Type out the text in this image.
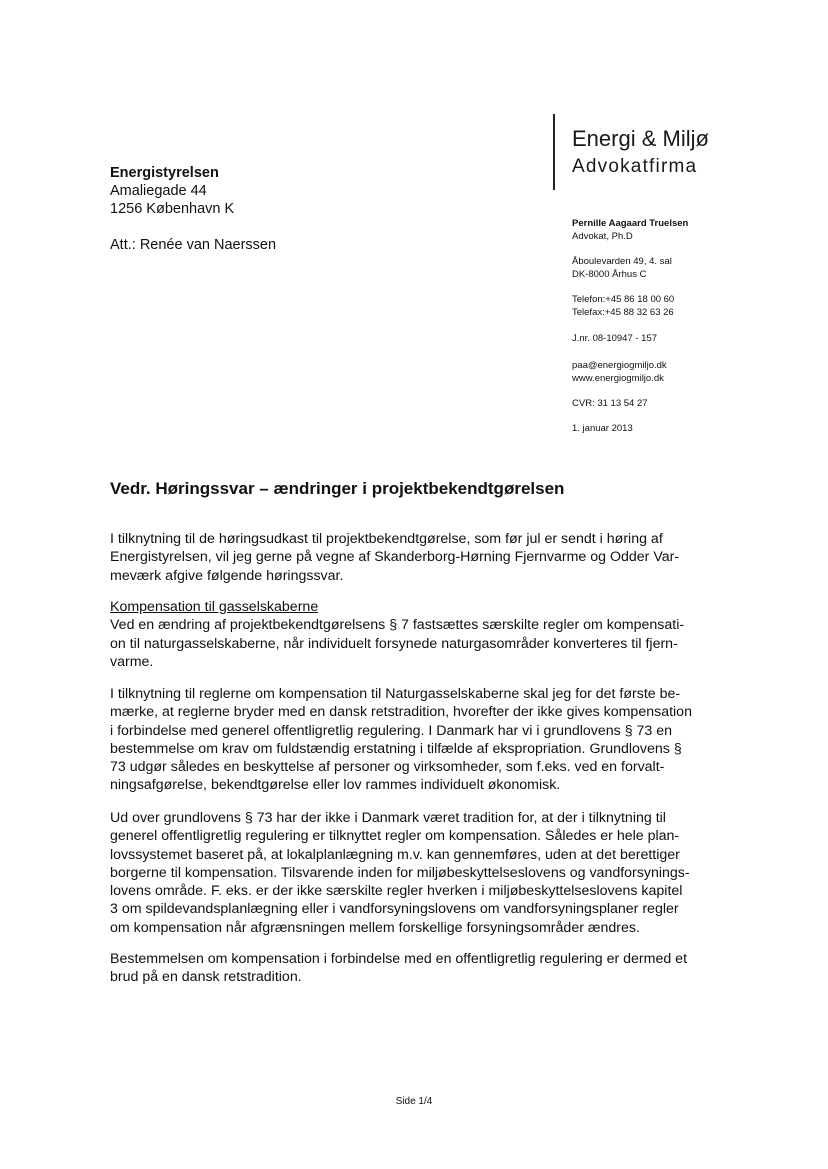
Energistyrelsen
Amaliegade 44
1256 København K
Att.: Renée van Naerssen
Energi & Miljø
Advokatfirma
Pernille Aagaard Truelsen
Advokat, Ph.D
Åboulevarden 49, 4. sal
DK-8000 Århus C
Telefon:+45 86 18 00 60
Telefax:+45 88 32 63 26
J.nr. 08-10947 - 157
paa@energiogmiljo.dk
www.energiogmiljo.dk
CVR: 31 13 54 27
1. januar 2013
Vedr. Høringssvar – ændringer i projektbekendtgørelsen
I tilknytning til de høringsudkast til projektbekendtgørelse, som før jul er sendt i høring af
Energistyrelsen, vil jeg gerne på vegne af Skanderborg-Hørning Fjernvarme og Odder Var-
meværk afgive følgende høringssvar.
Kompensation til gasselskaberne
Ved en ændring af projektbekendtgørelsens § 7 fastsættes særskilte regler om kompensati-
on til naturgasselskaberne, når individuelt forsynede naturgasområder konverteres til fjern-
varme.
I tilknytning til reglerne om kompensation til Naturgasselskaberne skal jeg for det første be-
mærke, at reglerne bryder med en dansk retstradition, hvorefter der ikke gives kompensation
i forbindelse med generel offentligretlig regulering. I Danmark har vi i grundlovens § 73 en
bestemmelse om krav om fuldstændig erstatning i tilfælde af ekspropriation. Grundlovens §
73 udgør således en beskyttelse af personer og virksomheder, som f.eks. ved en forvalt-
ningsafgørelse, bekendtgørelse eller lov rammes individuelt økonomisk.
Ud over grundlovens § 73 har der ikke i Danmark været tradition for, at der i tilknytning til
generel offentligretlig regulering er tilknyttet regler om kompensation. Således er hele plan-
lovssystemet baseret på, at lokalplanlægning m.v. kan gennemføres, uden at det berettiger
borgerne til kompensation. Tilsvarende inden for miljøbeskyttelseslovens og vandforsynings-
lovens område. F. eks. er der ikke særskilte regler hverken i miljøbeskyttelseslovens kapitel
3 om spildevandsplanlægning eller i vandforsyningslovens om vandforsyningsplaner regler
om kompensation når afgrænsningen mellem forskellige forsyningsområder ændres.
Bestemmelsen om kompensation i forbindelse med en offentligretlig regulering er dermed et
brud på en dansk retstradition.
Side 1/4
